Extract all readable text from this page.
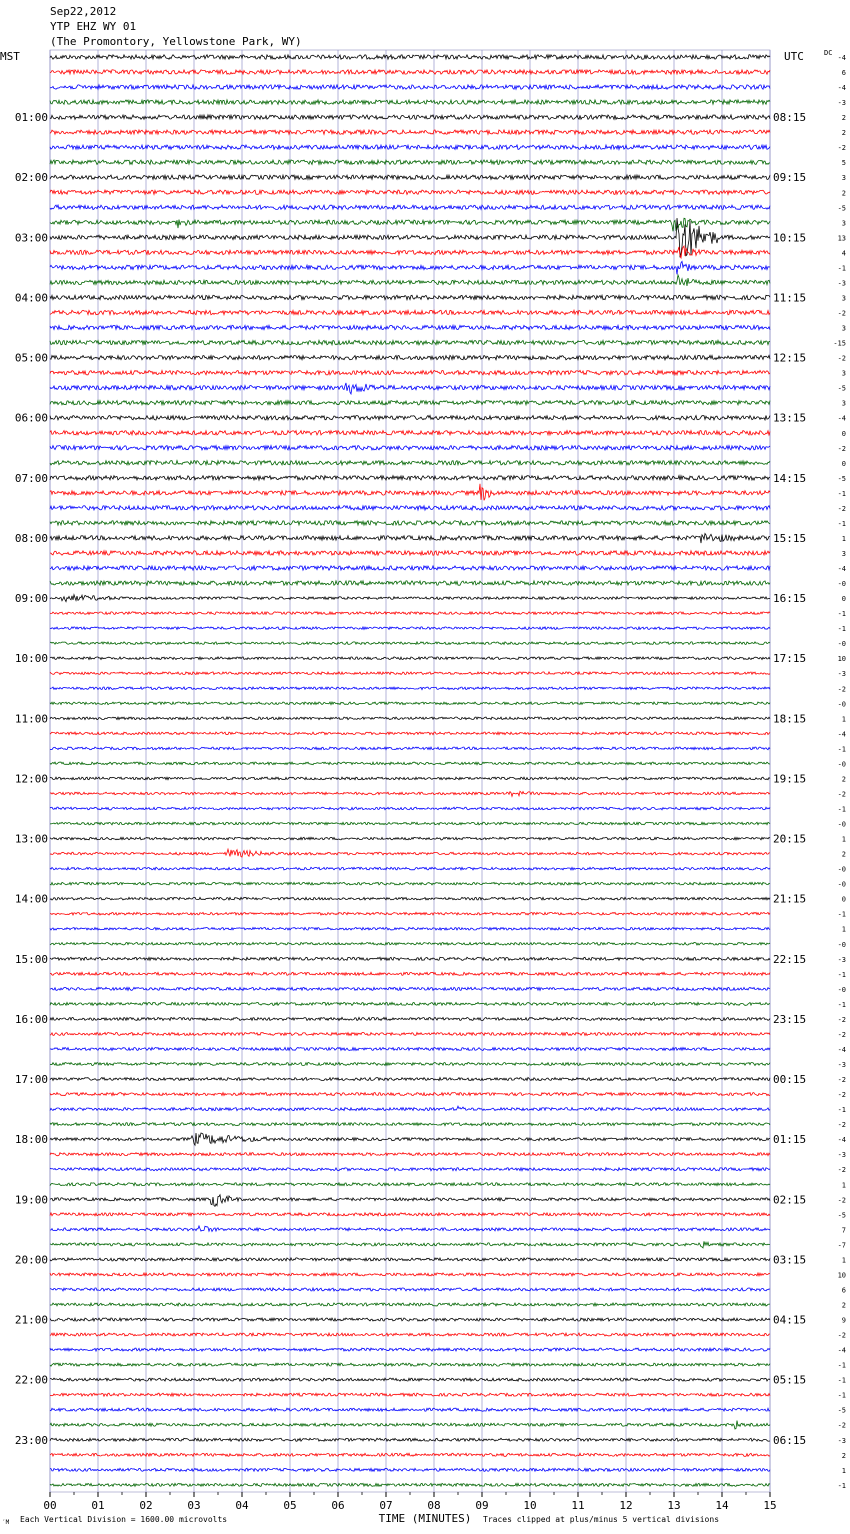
Sep22,2012
YTP EHZ WY 01
(The Promontory, Yellowstone Park, WY)
MST	UTC	DC
Each Vertical Division = 1600.00 microvolts	Traces clipped at plus/minus 5 vertical divisions
′M
00	01	02	03	04	05	06	07	08	09	10	11	12	13	14	15
TIME (MINUTES)
01:00
02:00
03:00
04:00
05:00
06:00
07:00
08:00
09:00
10:00
11:00
12:00
13:00
14:00
15:00
16:00
17:00
18:00
19:00
20:00
21:00
22:00
23:00
08:15
09:15
10:15
11:15
12:15
13:15
14:15
15:15
16:15
17:15
18:15
19:15
20:15
21:15
22:15
23:15
00:15
01:15
02:15
03:15
04:15
05:15
06:15
-4
6
-4
-3
2
2
-2
5
3
2
-5
3
13
4
-1
-3
3
-2
3
-15
-2
3
-5
3
-4
0
-2
0
-5
-1
-2
-1
1
3
-4
-0
0
-1
-1
-0
10
-3
-2
-0
1
-4
-1
-0
2
-2
-1
-0
1
2
-0
-0
0
-1
1
-0
-3
-1
-0
-1
-2
-2
-4
-3
-2
-2
-1
-2
-4
-3
-2
1
-2
-5
7
-7
1
10
6
2
9
-2
-4
-1
-1
-1
-5
-2
-3
2
1
-1
